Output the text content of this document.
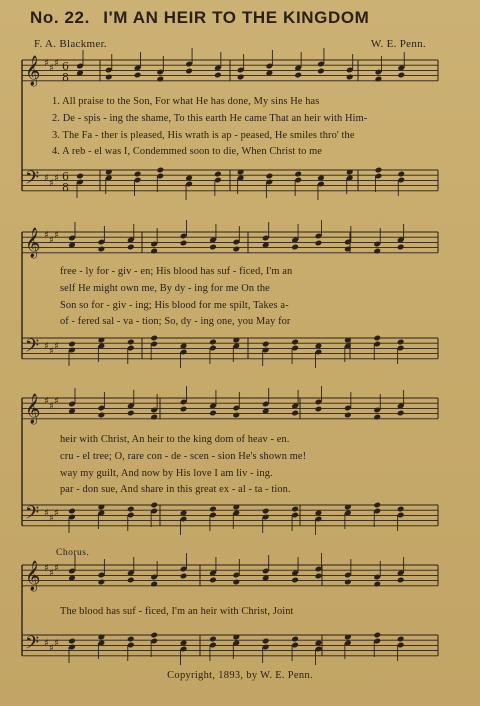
No. 22. I'M AN HEIR TO THE KINGDOM
F. A. Blackmer.	W. E. Penn.
𝄞
𝄢
♯
♯
♯
♯
♯
♯
6
8
6
8
𝄞
𝄢
♯
♯
♯
♯
♯
♯
𝄞
𝄢
♯
♯
♯
♯
♯
♯
𝄞
𝄢
♯
♯
♯
♯
♯
♯
1. All praise to the Son, For what He has done, My sins He has
2. De - spis - ing the shame, To this earth He came That an heir with Him-
3. The Fa - ther is pleased, His wrath is ap - peased, He smiles thro' the
4. A reb - el was I, Condemmed soon to die, When Christ to me
free - ly for - giv - en; His blood has suf - ficed, I'm an
self He might own me, By dy - ing for me On the
Son so for - giv - ing; His blood for me spilt, Takes a-
of - fered sal - va - tion; So, dy - ing one, you May for
heir with Christ, An heir to the king dom of heav - en.
cru - el tree; O, rare con - de - scen - sion He's shown me!
way my guilt, And now by His love I am liv - ing.
par - don sue, And share in this great ex - al - ta - tion.
Chorus.
The blood has suf - ficed, I'm an heir with Christ, Joint
Copyright, 1893, by W. E. Penn.
